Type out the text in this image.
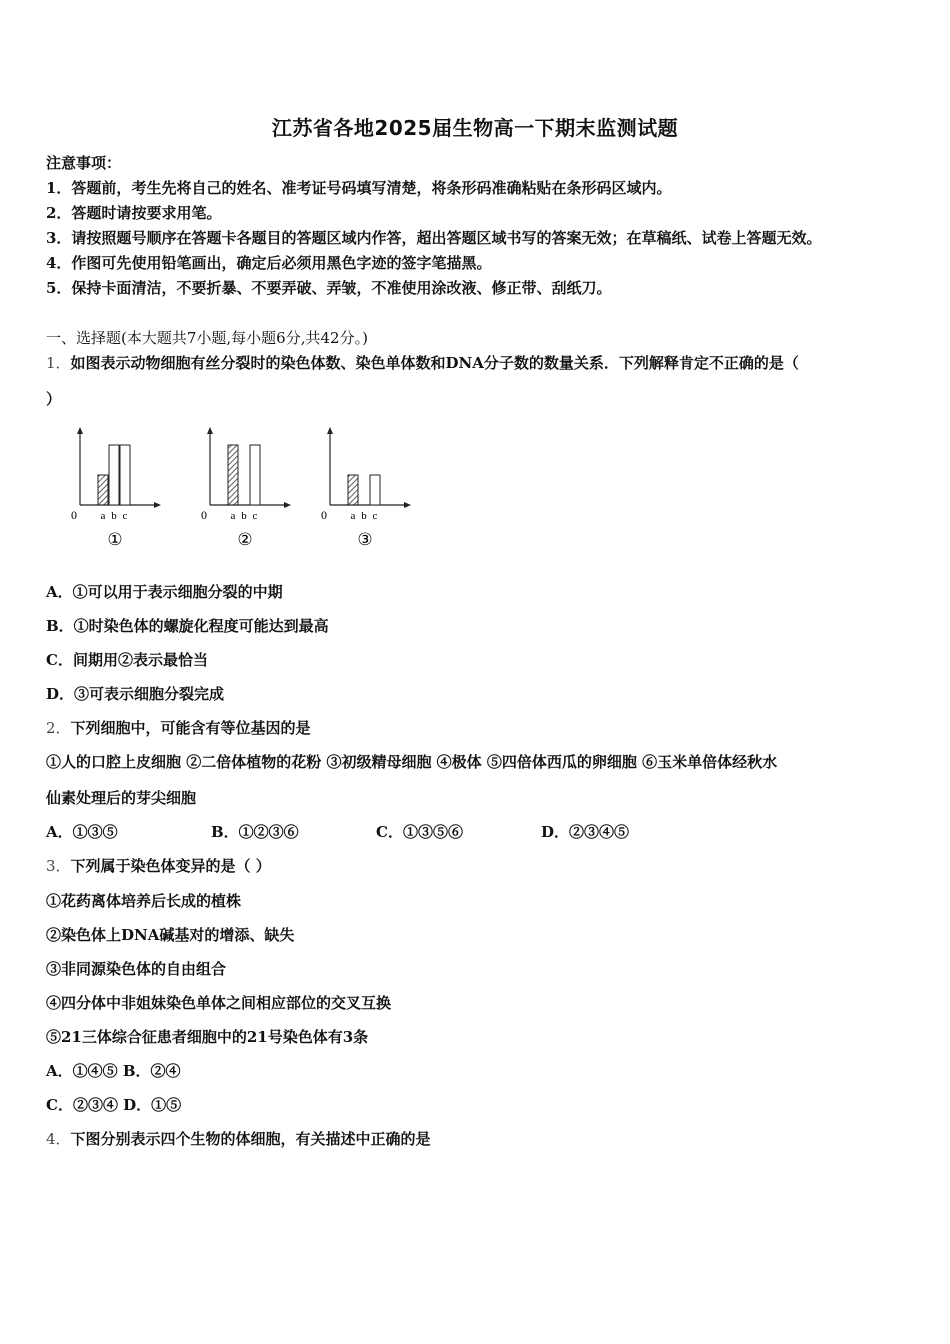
江苏省各地2025届生物高一下期末监测试题
注意事项：
1．答题前，考生先将自己的姓名、准考证号码填写清楚，将条形码准确粘贴在条形码区域内。
2．答题时请按要求用笔。
3．请按照题号顺序在答题卡各题目的答题区域内作答，超出答题区域书写的答案无效；在草稿纸、试卷上答题无效。
4．作图可先使用铅笔画出，确定后必须用黑色字迹的签字笔描黑。
5．保持卡面清洁，不要折暴、不要弄破、弄皱，不准使用涂改液、修正带、刮纸刀。
一、选择题(本大题共7小题,每小题6分,共42分。)
1．如图表示动物细胞有丝分裂时的染色体数、染色单体数和DNA分子数的数量关系．下列解释肯定不正确的是（
）
0 a b c
①
0 a b c
②
0 a b c
③
A．①可以用于表示细胞分裂的中期
B．①时染色体的螺旋化程度可能达到最高
C．间期用②表示最恰当
D．③可表示细胞分裂完成
2．下列细胞中，可能含有等位基因的是
①人的口腔上皮细胞 ②二倍体植物的花粉 ③初级精母细胞 ④极体 ⑤四倍体西瓜的卵细胞 ⑥玉米单倍体经秋水
仙素处理后的芽尖细胞
A．①③⑤	B．①②③⑥	C．①③⑤⑥	D．②③④⑤
3．下列属于染色体变异的是（ ）
①花药离体培养后长成的植株
②染色体上DNA碱基对的增添、缺失
③非同源染色体的自由组合
④四分体中非姐妹染色单体之间相应部位的交叉互换
⑤21三体综合征患者细胞中的21号染色体有3条
A．①④⑤ B．②④
C．②③④ D．①⑤
4．下图分别表示四个生物的体细胞，有关描述中正确的是
